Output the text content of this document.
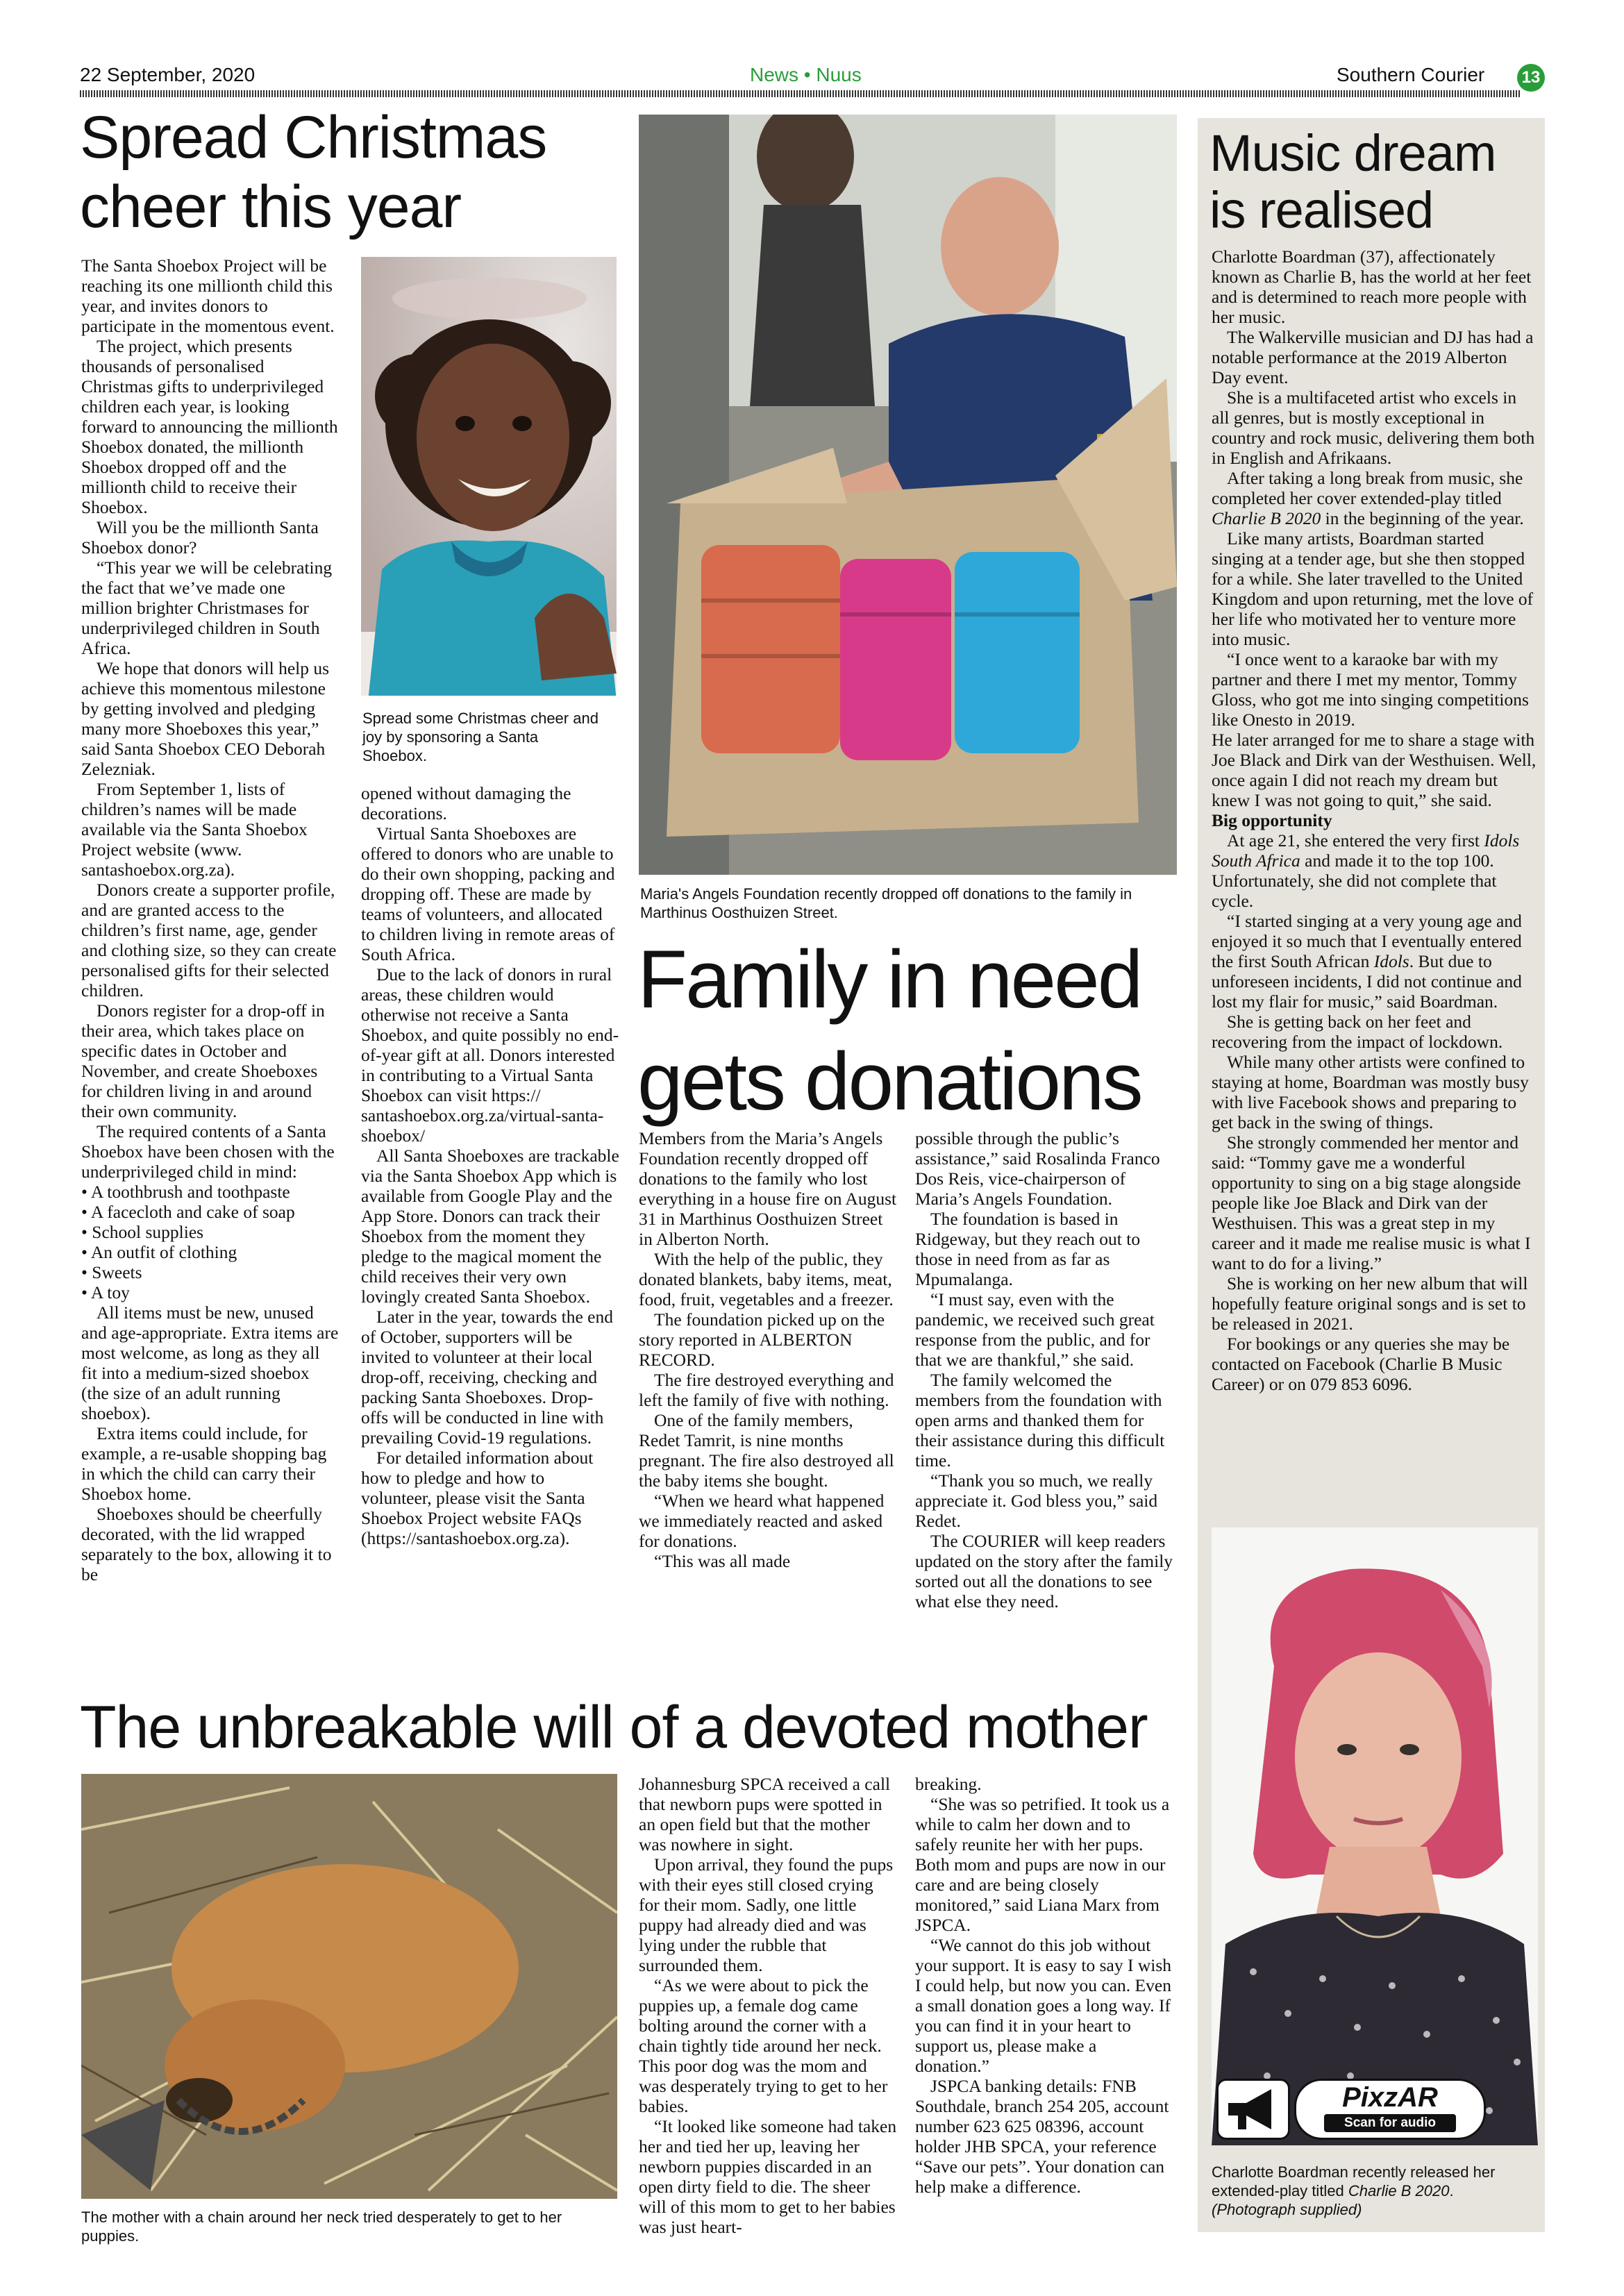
22 September, 2020	News • Nuus	Southern Courier 13
Spread Christmas
cheer this year
Spread some Christmas cheer and joy by sponsoring a Santa Shoebox.

The Santa Shoebox Project will be reaching its one millionth child this year, and invites donors to participate in the momentous event.

The project, which presents thousands of personalised Christmas gifts to underprivileged children each year, is looking forward to announcing the millionth Shoebox donated, the millionth Shoebox dropped off and the millionth child to receive their Shoebox.

Will you be the millionth Santa Shoebox donor?

“This year we will be celebrating the fact that we’ve made one million brighter Christmases for underprivileged children in South Africa.

We hope that donors will help us achieve this momentous milestone by getting involved and pledging many more Shoeboxes this year,” said Santa Shoebox CEO Deborah Zelezniak.

From September 1, lists of children’s names will be made available via the Santa Shoebox Project website (www. santashoebox.org.za).

Donors create a supporter profile, and are granted access to the children’s first name, age, gender and clothing size, so they can create personalised gifts for their selected children.

Donors register for a drop-off in their area, which takes place on specific dates in October and November, and create Shoeboxes for children living in and around their own community.

The required contents of a Santa Shoebox have been chosen with the underprivileged child in mind:

• A toothbrush and toothpaste

• A facecloth and cake of soap

• School supplies

• An outfit of clothing

• Sweets

• A toy

All items must be new, unused and age-appropriate. Extra items are most welcome, as long as they all fit into a medium-sized shoebox (the size of an adult running shoebox).

Extra items could include, for example, a re-usable shopping bag in which the child can carry their Shoebox home.

Shoeboxes should be cheerfully decorated, with the lid wrapped separately to the box, allowing it to be

opened without damaging the decorations.

Virtual Santa Shoeboxes are offered to donors who are unable to do their own shopping, packing and dropping off. These are made by teams of volunteers, and allocated to children living in remote areas of South Africa.

Due to the lack of donors in rural areas, these children would otherwise not receive a Santa Shoebox, and quite possibly no end-of-year gift at all. Donors interested in contributing to a Virtual Santa Shoebox can visit https:// santashoebox.org.za/virtual-santa-shoebox/

All Santa Shoeboxes are trackable via the Santa Shoebox App which is available from Google Play and the App Store. Donors can track their Shoebox from the moment they pledge to the magical moment the child receives their very own lovingly created Santa Shoebox.

Later in the year, towards the end of October, supporters will be invited to volunteer at their local drop-off, receiving, checking and packing Santa Shoeboxes. Drop-offs will be conducted in line with prevailing Covid-19 regulations.

For detailed information about how to pledge and how to volunteer, please visit the Santa Shoebox Project website FAQs (https://santashoebox.org.za).

Maria's Angels Foundation recently dropped off donations to the family in Marthinus Oosthuizen Street.
Family in need
gets donations

Members from the Maria’s Angels Foundation recently dropped off donations to the family who lost everything in a house fire on August 31 in Marthinus Oosthuizen Street in Alberton North.

With the help of the public, they donated blankets, baby items, meat, food, fruit, vegetables and a freezer.

The foundation picked up on the story reported in ALBERTON RECORD.

The fire destroyed everything and left the family of five with nothing.

One of the family members, Redet Tamrit, is nine months pregnant. The fire also destroyed all the baby items she bought.

“When we heard what happened we immediately reacted and asked for donations.

“This was all made

possible through the public’s assistance,” said Rosalinda Franco Dos Reis, vice-chairperson of Maria’s Angels Foundation.

The foundation is based in Ridgeway, but they reach out to those in need from as far as Mpumalanga.

“I must say, even with the pandemic, we received such great response from the public, and for that we are thankful,” she said.

The family welcomed the members from the foundation with open arms and thanked them for their assistance during this difficult time.

“Thank you so much, we really appreciate it. God bless you,” said Redet.

The COURIER will keep readers updated on the story after the family sorted out all the donations to see what else they need.

Music dream
is realised

Charlotte Boardman (37), affectionately known as Charlie B, has the world at her feet and is determined to reach more people with her music.

The Walkerville musician and DJ has had a notable performance at the 2019 Alberton Day event.

She is a multifaceted artist who excels in all genres, but is mostly exceptional in country and rock music, delivering them both in English and Afrikaans.

After taking a long break from music, she completed her cover extended-play titled Charlie B 2020 in the beginning of the year.

Like many artists, Boardman started singing at a tender age, but she then stopped for a while. She later travelled to the United Kingdom and upon returning, met the love of her life who motivated her to venture more into music.

“I once went to a karaoke bar with my partner and there I met my mentor, Tommy Gloss, who got me into singing competitions like Onesto in 2019.

He later arranged for me to share a stage with Joe Black and Dirk van der Westhuisen. Well, once again I did not reach my dream but knew I was not going to quit,” she said.

Big opportunity

At age 21, she entered the very first Idols South Africa and made it to the top 100. Unfortunately, she did not complete that cycle.

“I started singing at a very young age and enjoyed it so much that I eventually entered the first South African Idols. But due to unforeseen incidents, I did not continue and lost my flair for music,” said Boardman.

She is getting back on her feet and recovering from the impact of lockdown.

While many other artists were confined to staying at home, Boardman was mostly busy with live Facebook shows and preparing to get back in the swing of things.

She strongly commended her mentor and said: “Tommy gave me a wonderful opportunity to sing on a big stage alongside people like Joe Black and Dirk van der Westhuisen. This was a great step in my career and it made me realise music is what I want to do for a living.”

She is working on her new album that will hopefully feature original songs and is set to be released in 2021.

For bookings or any queries she may be contacted on Facebook (Charlie B Music Career) or on 079 853 6096.

PixzAR
Scan for audio
Charlotte Boardman recently released her extended-play titled Charlie B 2020.
(Photograph supplied)
The unbreakable will of a devoted mother
The mother with a chain around her neck tried desperately to get to her puppies.

Johannesburg SPCA received a call that newborn pups were spotted in an open field but that the mother was nowhere in sight.

Upon arrival, they found the pups with their eyes still closed crying for their mom. Sadly, one little puppy had already died and was lying under the rubble that surrounded them.

“As we were about to pick the puppies up, a female dog came bolting around the corner with a chain tightly tide around her neck. This poor dog was the mom and was desperately trying to get to her babies.

“It looked like someone had taken her and tied her up, leaving her newborn puppies discarded in an open dirty field to die. The sheer will of this mom to get to her babies was just heart-

breaking.

“She was so petrified. It took us a while to calm her down and to safely reunite her with her pups. Both mom and pups are now in our care and are being closely monitored,” said Liana Marx from JSPCA.

“We cannot do this job without your support. It is easy to say I wish I could help, but now you can. Even a small donation goes a long way. If you can find it in your heart to support us, please make a donation.”

JSPCA banking details: FNB Southdale, branch 254 205, account number 623 625 08396, account holder JHB SPCA, your reference “Save our pets”. Your donation can help make a difference.
